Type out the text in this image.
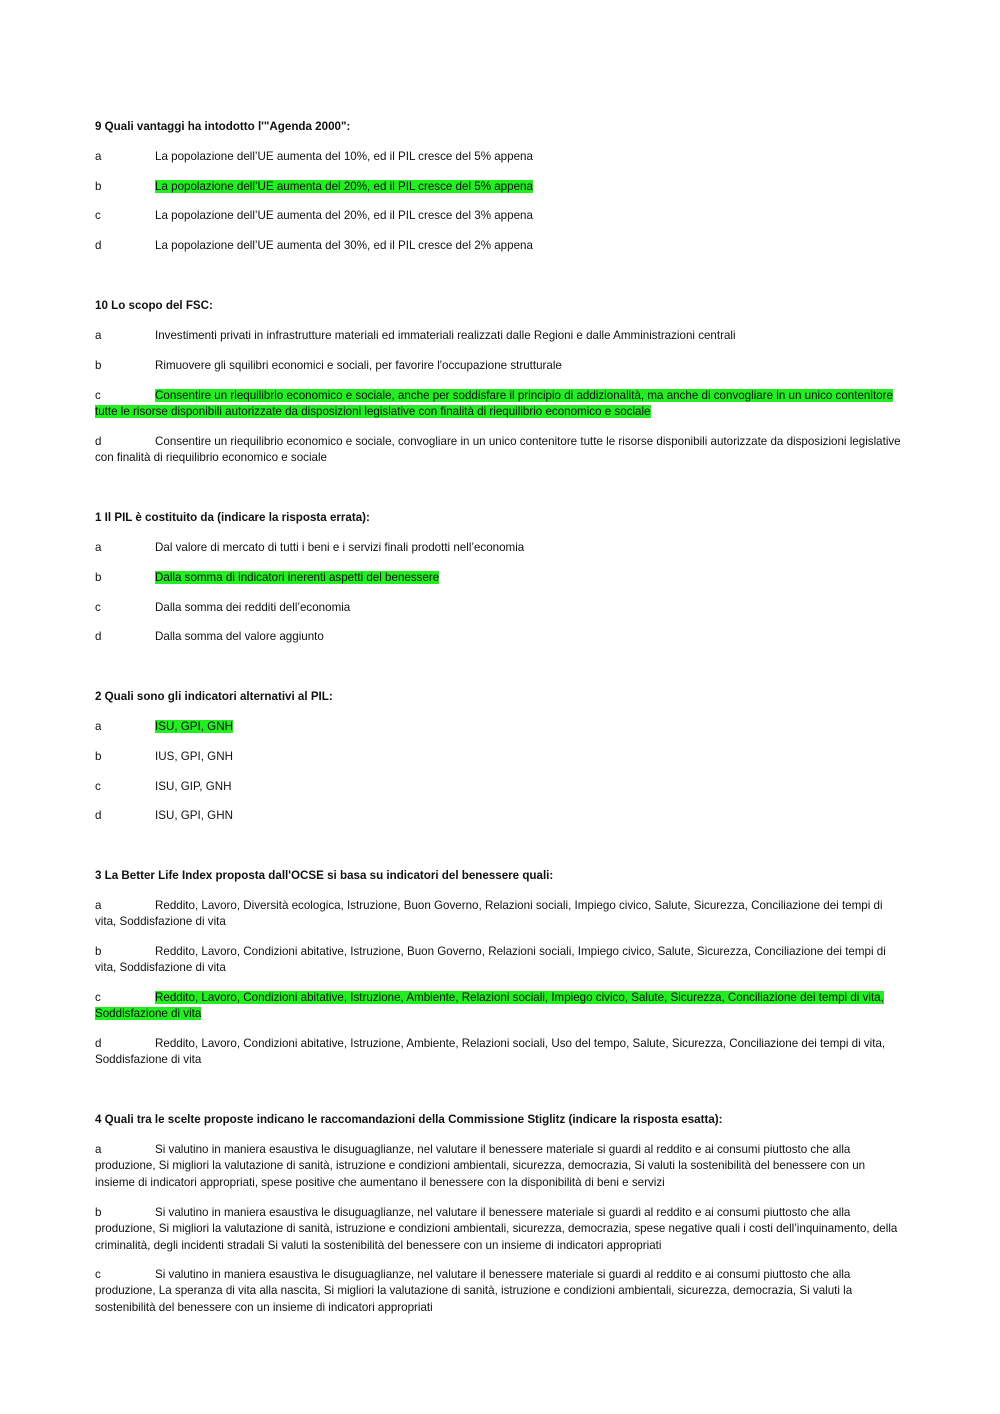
9 Quali vantaggi ha intodotto l'"Agenda 2000":
a	La popolazione dell’UE aumenta del 10%, ed il PIL cresce del 5% appena
b	La popolazione dell’UE aumenta del 20%, ed il PIL cresce del 5% appena
c	La popolazione dell’UE aumenta del 20%, ed il PIL cresce del 3% appena
d	La popolazione dell’UE aumenta del 30%, ed il PIL cresce del 2% appena
10 Lo scopo del FSC:
a	Investimenti privati in infrastrutture materiali ed immateriali realizzati dalle Regioni e dalle Amministrazioni centrali
b	Rimuovere gli squilibri economici e sociali, per favorire l'occupazione strutturale
c	Consentire un riequilibrio economico e sociale, anche per soddisfare il principio di addizionalità, ma anche di convogliare in un unico contenitore tutte le risorse disponibili autorizzate da disposizioni legislative con finalità di riequilibrio economico e sociale
d	Consentire un riequilibrio economico e sociale, convogliare in un unico contenitore tutte le risorse disponibili autorizzate da disposizioni legislative con finalità di riequilibrio economico e sociale
1 Il PIL è costituito da (indicare la risposta errata):
a	Dal valore di mercato di tutti i beni e i servizi finali prodotti nell’economia
b	Dalla somma di indicatori inerenti aspetti del benessere
c	Dalla somma dei redditi dell’economia
d	Dalla somma del valore aggiunto
2 Quali sono gli indicatori alternativi al PIL:
a	ISU, GPI, GNH
b	IUS, GPI, GNH
c	ISU, GIP, GNH
d	ISU, GPI, GHN
3 La Better Life Index proposta dall'OCSE si basa su indicatori del benessere quali:
a	Reddito, Lavoro, Diversità ecologica, Istruzione, Buon Governo, Relazioni sociali, Impiego civico, Salute, Sicurezza, Conciliazione dei tempi di vita, Soddisfazione di vita
b	Reddito, Lavoro, Condizioni abitative, Istruzione, Buon Governo, Relazioni sociali, Impiego civico, Salute, Sicurezza, Conciliazione dei tempi di vita, Soddisfazione di vita
c	Reddito, Lavoro, Condizioni abitative, Istruzione, Ambiente, Relazioni sociali, Impiego civico, Salute, Sicurezza, Conciliazione dei tempi di vita, Soddisfazione di vita
d	Reddito, Lavoro, Condizioni abitative, Istruzione, Ambiente, Relazioni sociali, Uso del tempo, Salute, Sicurezza, Conciliazione dei tempi di vita, Soddisfazione di vita
4 Quali tra le scelte proposte indicano le raccomandazioni della Commissione Stiglitz (indicare la risposta esatta):
a	Si valutino in maniera esaustiva le disuguaglianze, nel valutare il benessere materiale si guardi al reddito e ai consumi piuttosto che alla produzione, Si migliori la valutazione di sanità, istruzione e condizioni ambientali, sicurezza, democrazia, Si valuti la sostenibilità del benessere con un insieme di indicatori appropriati, spese positive che aumentano il benessere con la disponibilità di beni e servizi
b	Si valutino in maniera esaustiva le disuguaglianze, nel valutare il benessere materiale si guardi al reddito e ai consumi piuttosto che alla produzione, Si migliori la valutazione di sanità, istruzione e condizioni ambientali, sicurezza, democrazia, spese negative quali i costi dell’inquinamento, della criminalità, degli incidenti stradali Si valuti la sostenibilità del benessere con un insieme di indicatori appropriati
c	Si valutino in maniera esaustiva le disuguaglianze, nel valutare il benessere materiale si guardi al reddito e ai consumi piuttosto che alla produzione, La speranza di vita alla nascita, Si migliori la valutazione di sanità, istruzione e condizioni ambientali, sicurezza, democrazia, Si valuti la sostenibilità del benessere con un insieme di indicatori appropriati
